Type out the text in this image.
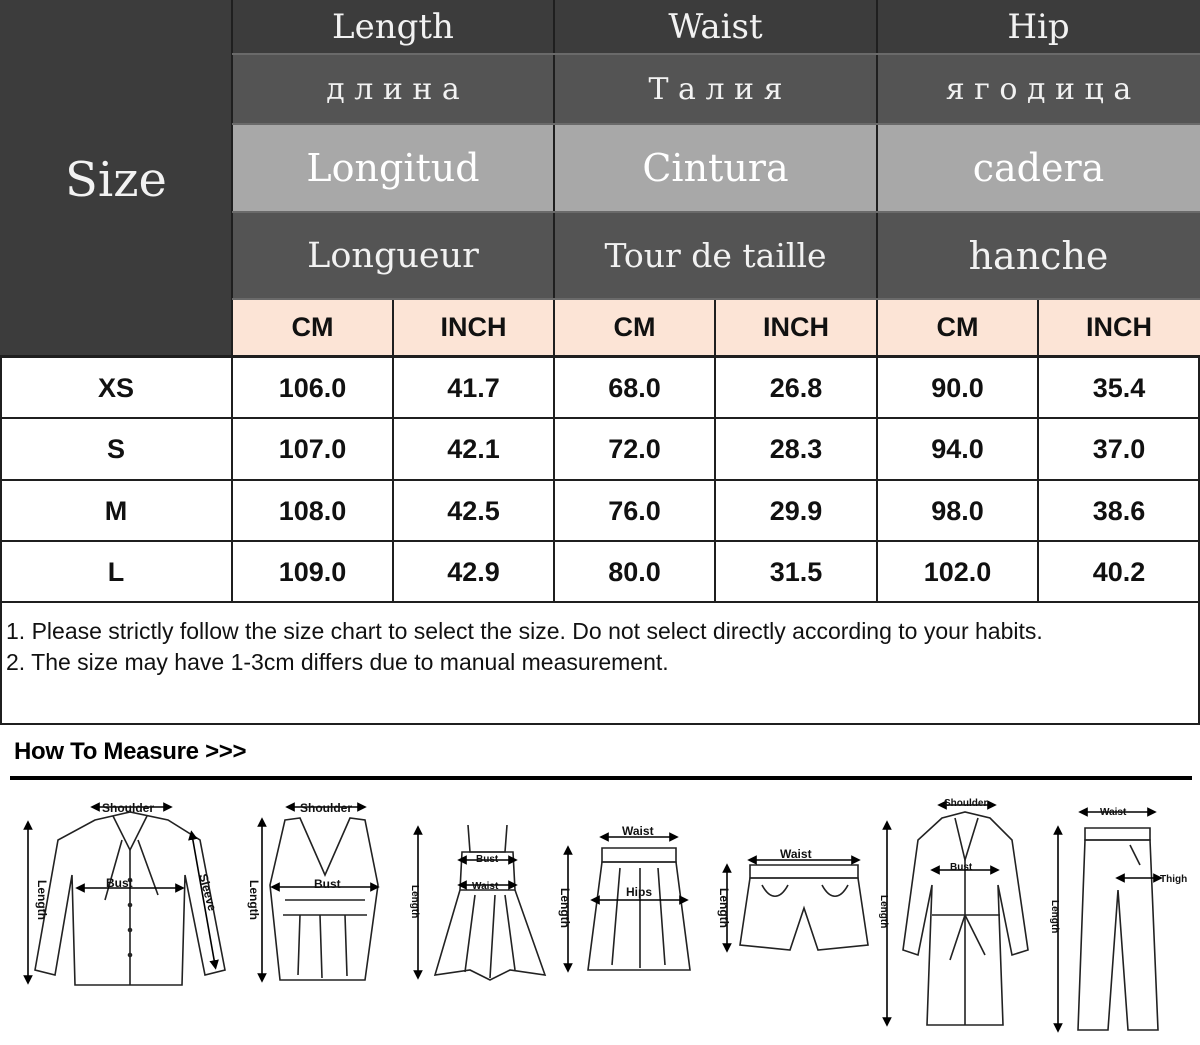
Size
Length	Waist	Hip
д л и н а	Т а л и я	я г о д и ц а
Longitud	Cintura	cadera
Longueur	Tour de taille	hanche
CM	INCH	CM	INCH	CM	INCH
XS	106.0	41.7	68.0	26.8	90.0	35.4
S	107.0	42.1	72.0	28.3	94.0	37.0
M	108.0	42.5	76.0	29.9	98.0	38.6
L	109.0	42.9	80.0	31.5	102.0	40.2
1. Please strictly follow the size chart to select the size. Do not select directly according to your habits.
2. The size may have 1-3cm differs due to manual measurement.
How To Measure >>>
Shoulder
Bust
Length	Sleeve
Shoulder
Bust
Length
Bust
Waist
Length
Waist
Hips
Length
Waist
Length
Shoulder
Bust
Length
Waist
Thigh
Length
